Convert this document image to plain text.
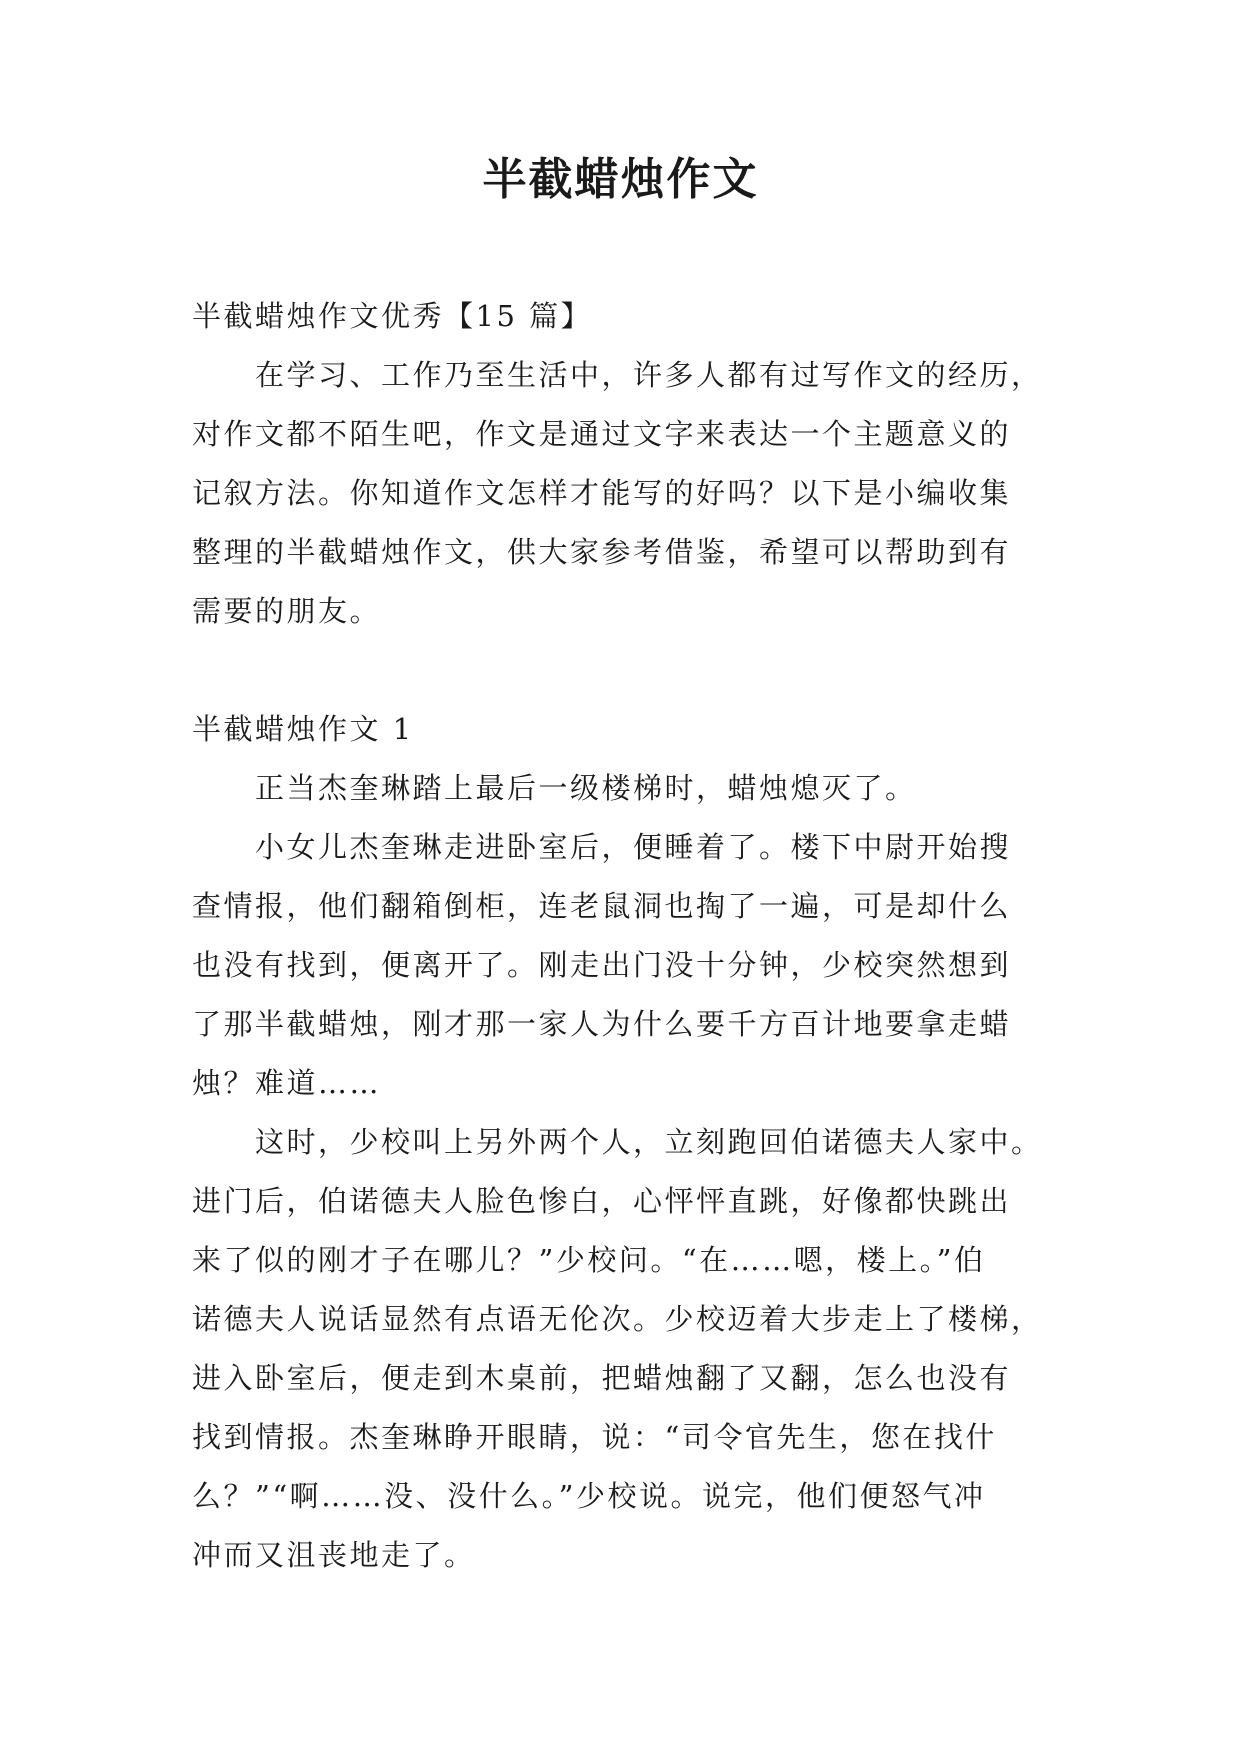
半截蜡烛作文

半截蜡烛作文优秀【15 篇】

　　在学习、工作乃至生活中，许多人都有过写作文的经历，

对作文都不陌生吧，作文是通过文字来表达一个主题意义的

记叙方法。你知道作文怎样才能写的好吗？以下是小编收集

整理的半截蜡烛作文，供大家参考借鉴，希望可以帮助到有

需要的朋友。

半截蜡烛作文 1

　　正当杰奎琳踏上最后一级楼梯时，蜡烛熄灭了。

　　小女儿杰奎琳走进卧室后，便睡着了。楼下中尉开始搜

查情报，他们翻箱倒柜，连老鼠洞也掏了一遍，可是却什么

也没有找到，便离开了。刚走出门没十分钟，少校突然想到

了那半截蜡烛，刚才那一家人为什么要千方百计地要拿走蜡

烛？难道……

　　这时，少校叫上另外两个人，立刻跑回伯诺德夫人家中。

进门后，伯诺德夫人脸色惨白，心怦怦直跳，好像都快跳出

来了似的刚才子在哪儿？”少校问。“在……嗯，楼上。”伯

诺德夫人说话显然有点语无伦次。少校迈着大步走上了楼梯，

进入卧室后，便走到木桌前，把蜡烛翻了又翻，怎么也没有

找到情报。杰奎琳睁开眼睛，说：“司令官先生，您在找什

么？”“啊……没、没什么。”少校说。说完，他们便怒气冲

冲而又沮丧地走了。
